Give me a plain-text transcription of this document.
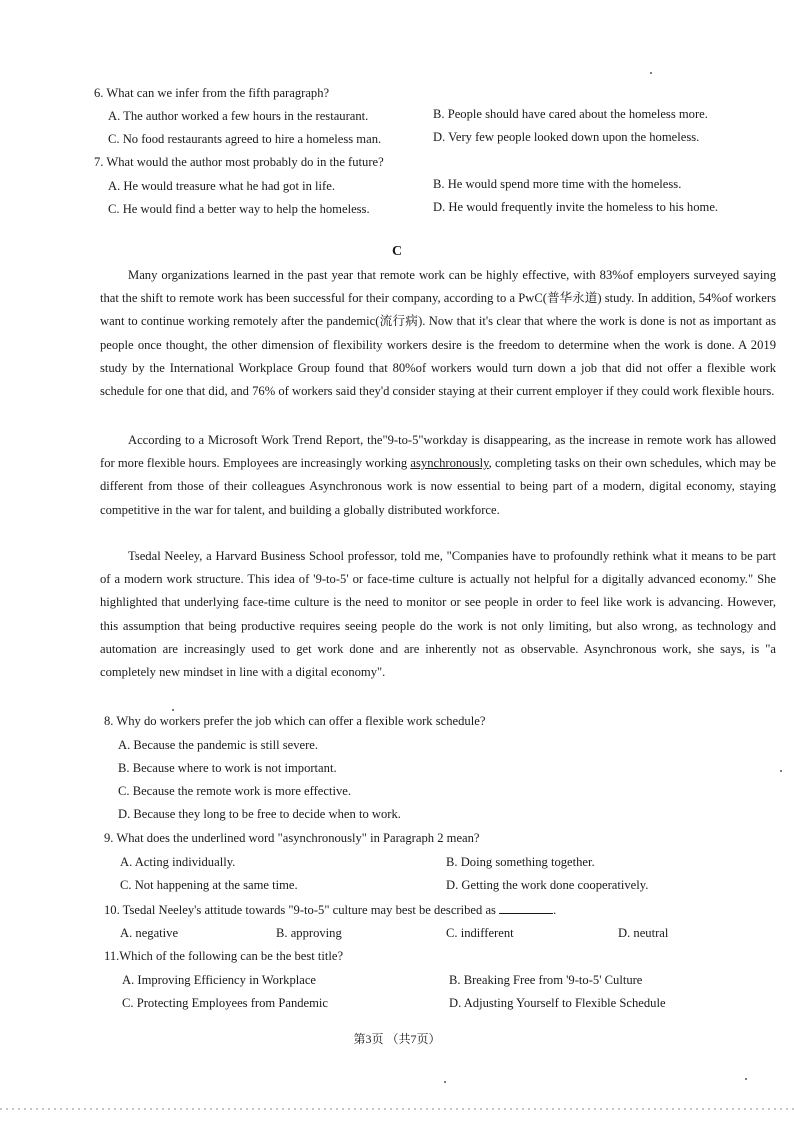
6. What can we infer from the fifth paragraph?
A. The author worked a few hours in the restaurant.	B. People should have cared about the homeless more.
C. No food restaurants agreed to hire a homeless man.	D. Very few people looked down upon the homeless.
7. What would the author most probably do in the future?
A. He would treasure what he had got in life.	B. He would spend more time with the homeless.
C. He would find a better way to help the homeless.	D. He would frequently invite the homeless to his home.
C
Many organizations learned in the past year that remote work can be highly effective, with 83%of employers surveyed saying that the shift to remote work has been successful for their company, according to a PwC(普华永道) study. In addition, 54%of workers want to continue working remotely after the pandemic(流行病). Now that it's clear that where the work is done is not as important as people once thought, the other dimension of flexibility workers desire is the freedom to determine when the work is done. A 2019 study by the International Workplace Group found that 80%of workers would turn down a job that did not offer a flexible work schedule for one that did, and 76% of workers said they'd consider staying at their current employer if they could work flexible hours.
According to a Microsoft Work Trend Report, the"9-to-5"workday is disappearing, as the increase in remote work has allowed for more flexible hours. Employees are increasingly working asynchronously, completing tasks on their own schedules, which may be different from those of their colleagues Asynchronous work is now essential to being part of a modern, digital economy, staying competitive in the war for talent, and building a globally distributed workforce.
Tsedal Neeley, a Harvard Business School professor, told me, "Companies have to profoundly rethink what it means to be part of a modern work structure. This idea of '9-to-5' or face-time culture is actually not helpful for a digitally advanced economy." She highlighted that underlying face-time culture is the need to monitor or see people in order to feel like work is advancing. However, this assumption that being productive requires seeing people do the work is not only limiting, but also wrong, as technology and automation are increasingly used to get work done and are inherently not as observable. Asynchronous work, she says, is "a completely new mindset in line with a digital economy".
8. Why do workers prefer the job which can offer a flexible work schedule?
A. Because the pandemic is still severe.
B. Because where to work is not important.
C. Because the remote work is more effective.
D. Because they long to be free to decide when to work.
9. What does the underlined word "asynchronously" in Paragraph 2 mean?
A. Acting individually.	B. Doing something together.
C. Not happening at the same time.	D. Getting the work done cooperatively.
10. Tsedal Neeley's attitude towards "9-to-5" culture may best be described as	.
A. negative	B. approving	C. indifferent	D. neutral
11.Which of the following can be the best title?
A. Improving Efficiency in Workplace	B. Breaking Free from '9-to-5' Culture
C. Protecting Employees from Pandemic	D. Adjusting Yourself to Flexible Schedule
第3页 （共7页）
